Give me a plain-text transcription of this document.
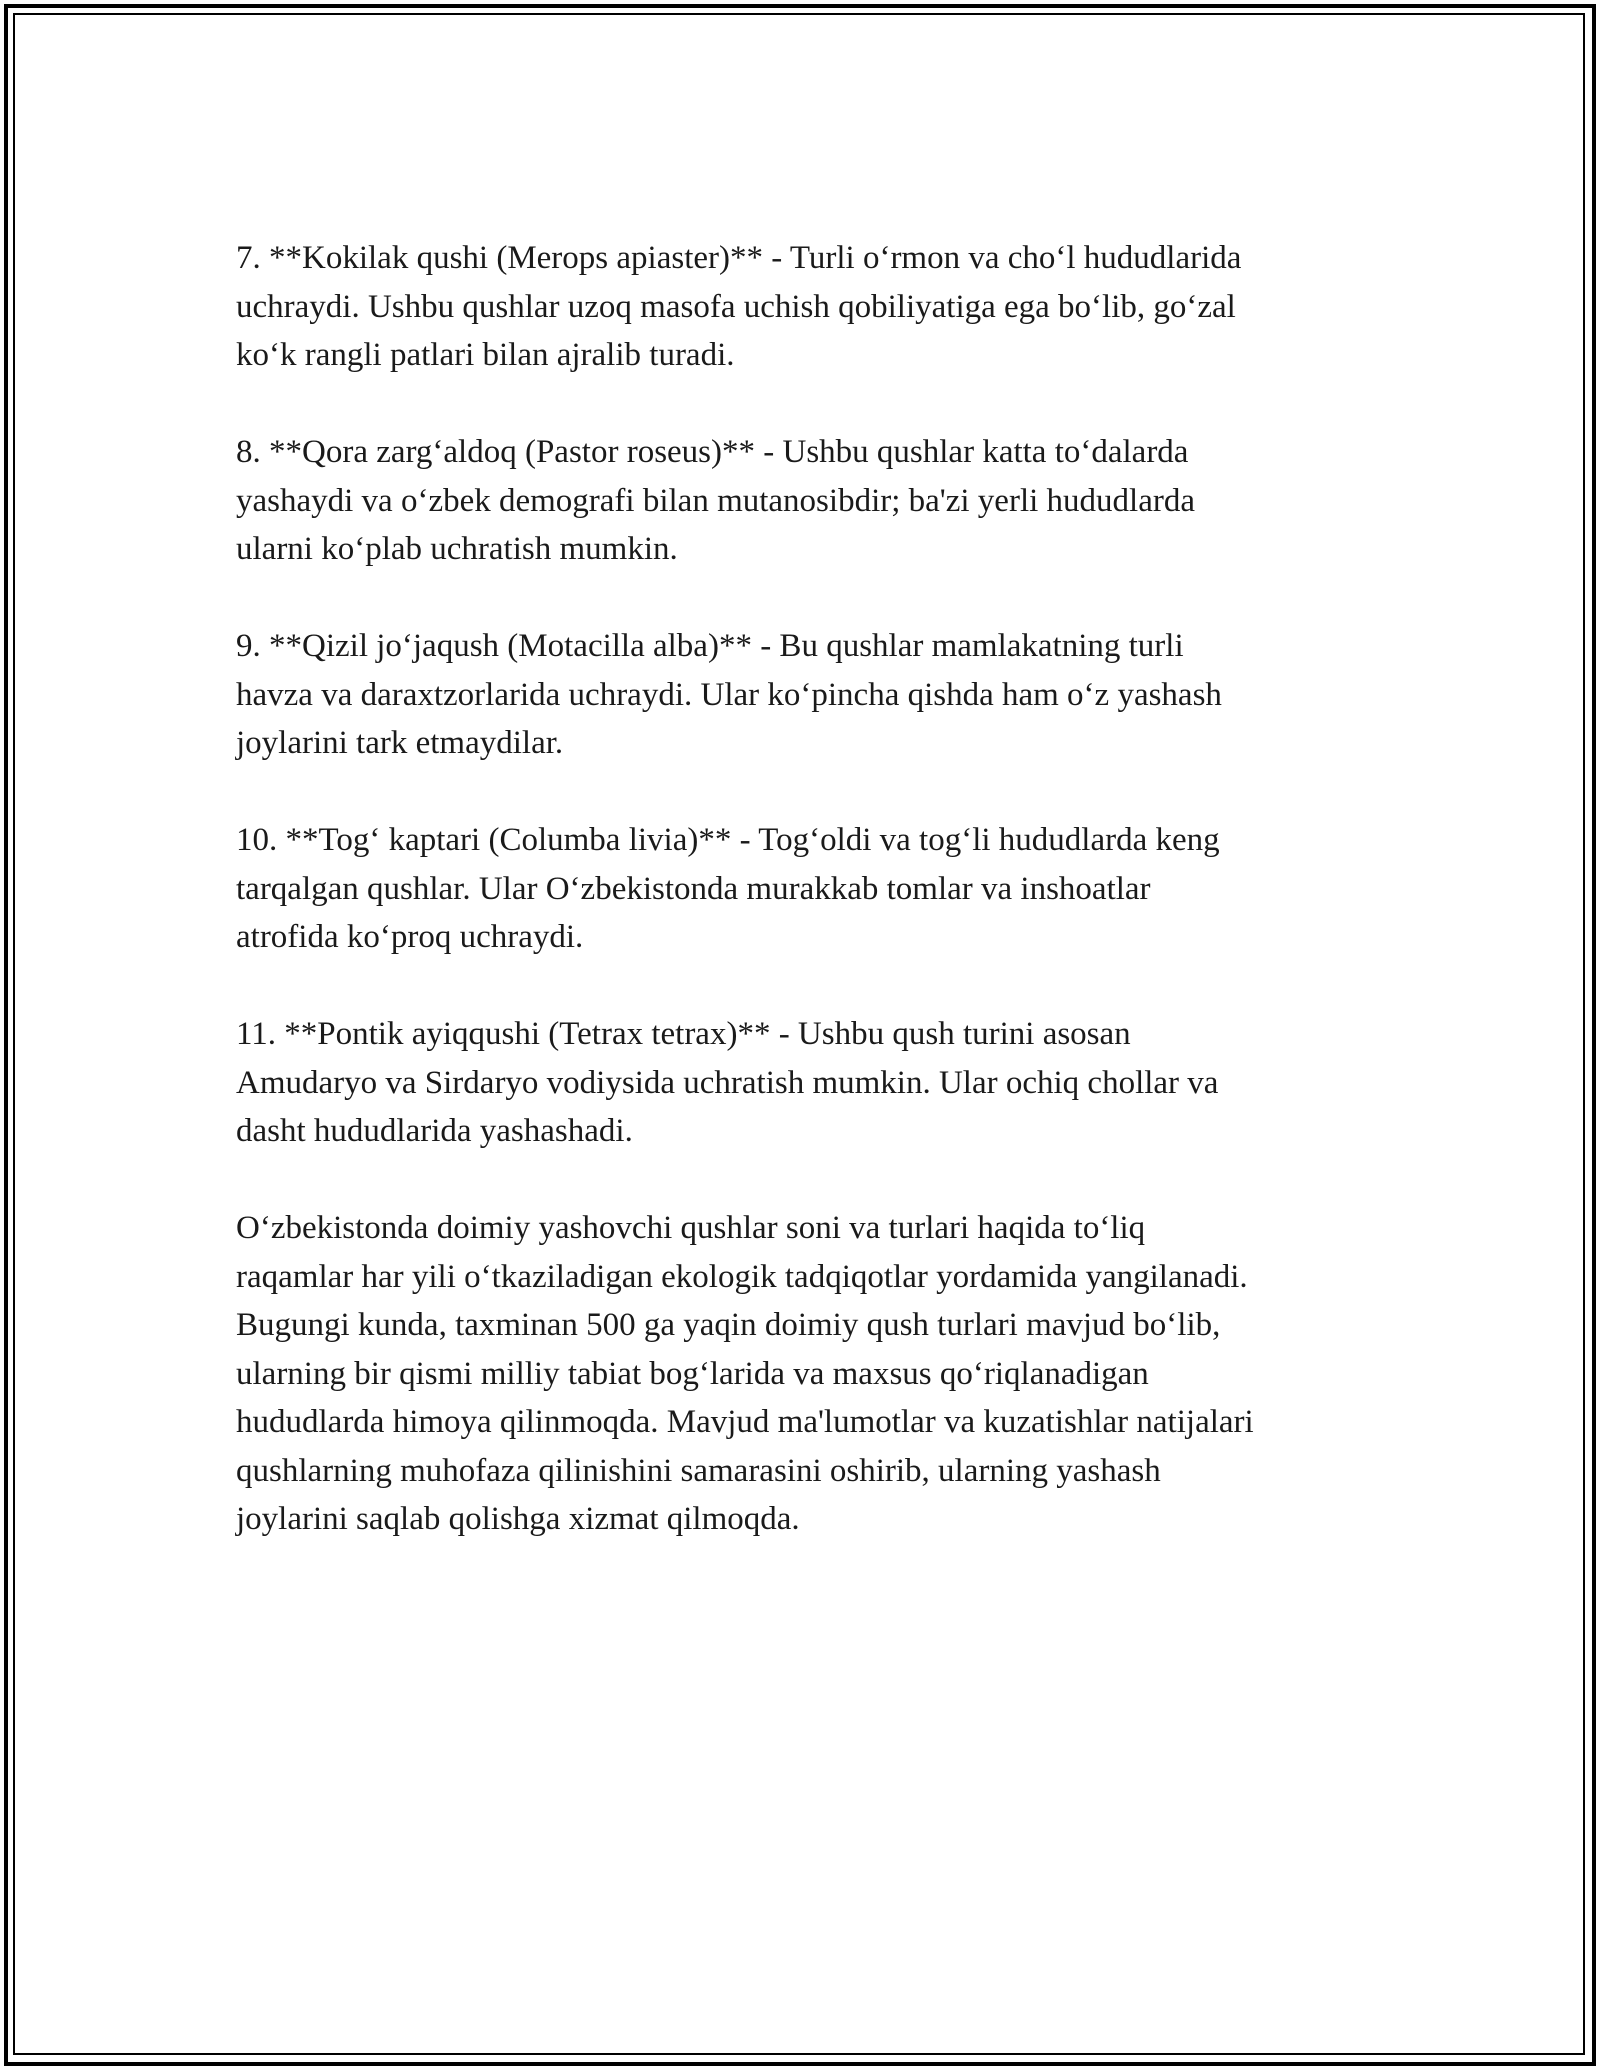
7. **Kokilak qushi (Merops apiaster)** - Turli o‘rmon va cho‘l hududlarida
uchraydi. Ushbu qushlar uzoq masofa uchish qobiliyatiga ega bo‘lib, go‘zal
ko‘k rangli patlari bilan ajralib turadi.

8. **Qora zarg‘aldoq (Pastor roseus)** - Ushbu qushlar katta to‘dalarda
yashaydi va o‘zbek demografi bilan mutanosibdir; ba'zi yerli hududlarda
ularni ko‘plab uchratish mumkin.

9. **Qizil jo‘jaqush (Motacilla alba)** - Bu qushlar mamlakatning turli
havza va daraxtzorlarida uchraydi. Ular ko‘pincha qishda ham o‘z yashash
joylarini tark etmaydilar.

10. **Tog‘ kaptari (Columba livia)** - Tog‘oldi va tog‘li hududlarda keng
tarqalgan qushlar. Ular O‘zbekistonda murakkab tomlar va inshoatlar
atrofida ko‘proq uchraydi.

11. **Pontik ayiqqushi (Tetrax tetrax)** - Ushbu qush turini asosan
Amudaryo va Sirdaryo vodiysida uchratish mumkin. Ular ochiq chollar va
dasht hududlarida yashashadi.

O‘zbekistonda doimiy yashovchi qushlar soni va turlari haqida to‘liq
raqamlar har yili o‘tkaziladigan ekologik tadqiqotlar yordamida yangilanadi.
Bugungi kunda, taxminan 500 ga yaqin doimiy qush turlari mavjud bo‘lib,
ularning bir qismi milliy tabiat bog‘larida va maxsus qo‘riqlanadigan
hududlarda himoya qilinmoqda. Mavjud ma'lumotlar va kuzatishlar natijalari
qushlarning muhofaza qilinishini samarasini oshirib, ularning yashash
joylarini saqlab qolishga xizmat qilmoqda.
